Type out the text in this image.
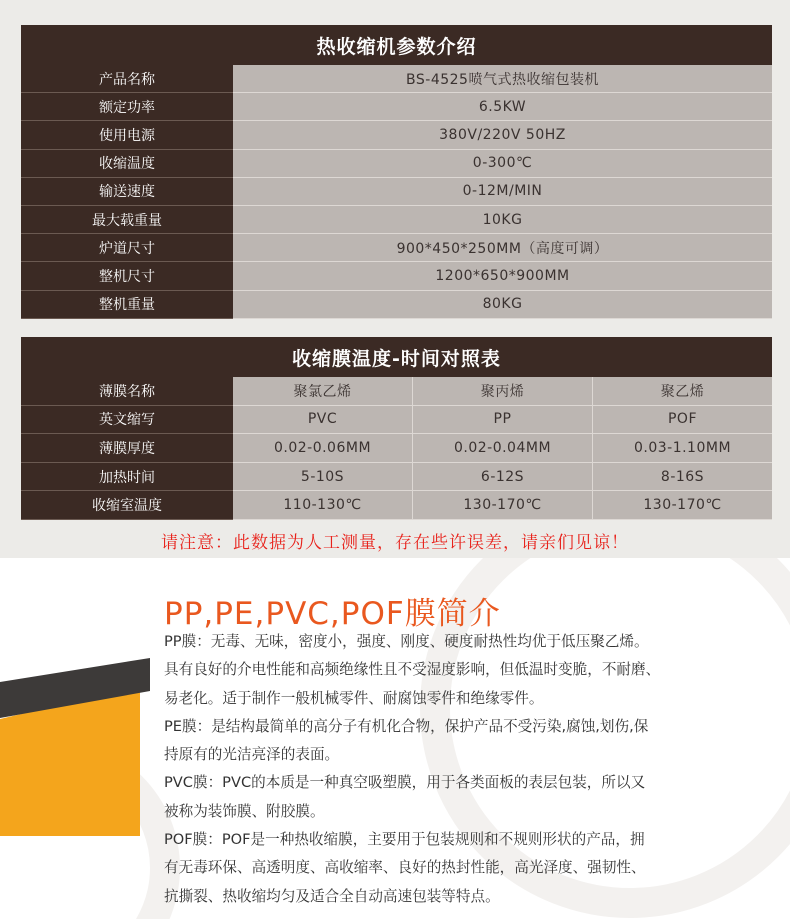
热收缩机参数介绍
产品名称	BS-4525喷气式热收缩包装机
额定功率	6.5KW
使用电源	380V/220V 50HZ
收缩温度	0-300℃
输送速度	0-12M/MIN
最大载重量	10KG
炉道尺寸	900*450*250MM（高度可调）
整机尺寸	1200*650*900MM
整机重量	80KG
收缩膜温度-时间对照表
薄膜名称	聚氯乙烯	聚丙烯	聚乙烯
英文缩写	PVC	PP	POF
薄膜厚度	0.02-0.06MM	0.02-0.04MM	0.03-1.10MM
加热时间	5-10S	6-12S	8-16S
收缩室温度	110-130℃	130-170℃	130-170℃
请注意：此数据为人工测量，存在些许误差，请亲们见谅！
PP,PE,PVC,POF膜简介

PP膜：无毒、无味，密度小，强度、刚度、硬度耐热性均优于低压聚乙烯。

具有良好的介电性能和高频绝缘性且不受湿度影响，但低温时变脆，不耐磨、

易老化。适于制作一般机械零件、耐腐蚀零件和绝缘零件。

PE膜：是结构最简单的高分子有机化合物，保护产品不受污染,腐蚀,划伤,保

持原有的光洁亮泽的表面。

PVC膜：PVC的本质是一种真空吸塑膜，用于各类面板的表层包装，所以又

被称为装饰膜、附胶膜。

POF膜：POF是一种热收缩膜，主要用于包装规则和不规则形状的产品，拥

有无毒环保、高透明度、高收缩率、良好的热封性能，高光泽度、强韧性、

抗撕裂、热收缩均匀及适合全自动高速包装等特点。
